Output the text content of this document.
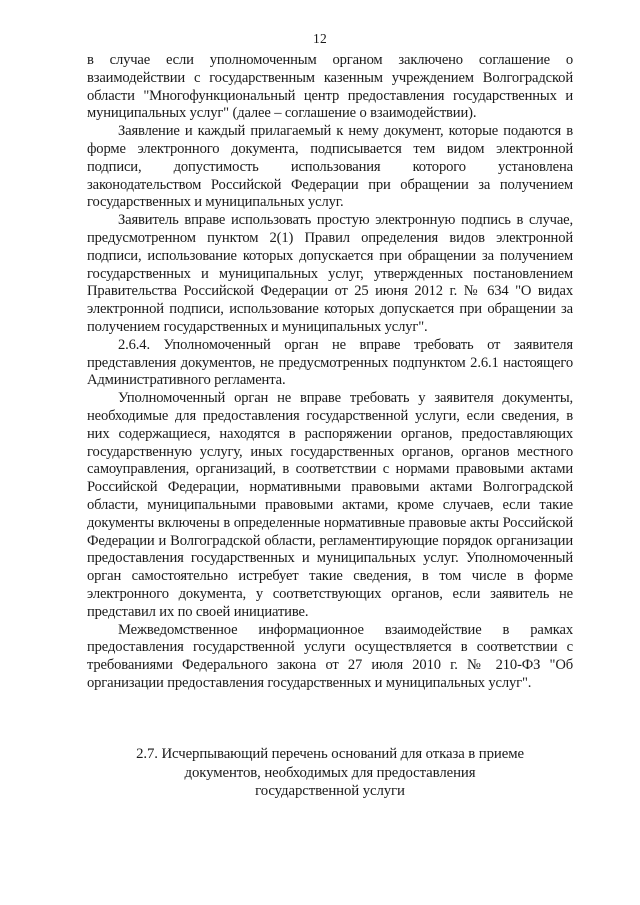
12

в случае если уполномоченным органом заключено соглашение о взаимодействии с государственным казенным учреждением Волгоградской области "Многофункциональный центр предоставления государственных и муниципальных услуг" (далее – соглашение о взаимодействии).

Заявление и каждый прилагаемый к нему документ, которые подаются в форме электронного документа, подписывается тем видом электронной подписи, допустимость использования которого установлена законодательством Российской Федерации при обращении за получением государственных и муниципальных услуг.

Заявитель вправе использовать простую электронную подпись в случае, предусмотренном пунктом 2(1) Правил определения видов электронной подписи, использование которых допускается при обращении за получением государственных и муниципальных услуг, утвержденных постановлением Правительства Российской Федерации от 25 июня 2012 г. № 634 "О видах электронной подписи, использование которых допускается при обращении за получением государственных и муниципальных услуг".

2.6.4. Уполномоченный орган не вправе требовать от заявителя представления документов, не предусмотренных подпунктом 2.6.1 настоящего Административного регламента.

Уполномоченный орган не вправе требовать у заявителя документы, необходимые для предоставления государственной услуги, если сведения, в них содержащиеся, находятся в распоряжении органов, предоставляющих государственную услугу, иных государственных органов, органов местного самоуправления, организаций, в соответствии с нормами правовыми актами Российской Федерации, нормативными правовыми актами Волгоградской области, муниципальными правовыми актами, кроме случаев, если такие документы включены в определенные нормативные правовые акты Российской Федерации и Волгоградской области, регламентирующие порядок организации предоставления государственных и муниципальных услуг. Уполномоченный орган самостоятельно истребует такие сведения, в том числе в форме электронного документа, у соответствующих органов, если заявитель не представил их по своей инициативе.

Межведомственное информационное взаимодействие в рамках предоставления государственной услуги осуществляется в соответствии с требованиями Федерального закона от 27 июля 2010 г. № 210-ФЗ "Об организации предоставления государственных и муниципальных услуг".

2.7. Исчерпывающий перечень оснований для отказа в приеме

документов, необходимых для предоставления

государственной услуги
